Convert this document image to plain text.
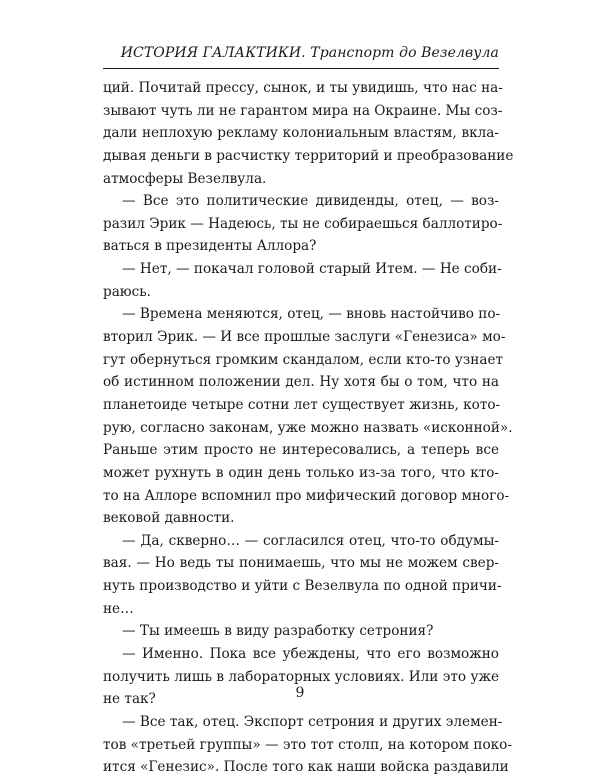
ИСТОРИЯ ГАЛАКТИКИ. Транспорт до Везелвула
ций. Почитай прессу, сынок, и ты увидишь, что нас на-
зывают чуть ли не гарантом мира на Окраине. Мы соз-
дали неплохую рекламу колониальным властям, вкла-
дывая деньги в расчистку территорий и преобразование
атмосферы Везелвула.
— Все это политические дивиденды, отец, — воз-
разил Эрик — Надеюсь, ты не собираешься баллотиро-
ваться в президенты Аллора?
— Нет, — покачал головой старый Итем. — Не соби-
раюсь.
— Времена меняются, отец, — вновь настойчиво по-
вторил Эрик. — И все прошлые заслуги «Генезиса» мо-
гут обернуться громким скандалом, если кто-то узнает
об истинном положении дел. Ну хотя бы о том, что на
планетоиде четыре сотни лет существует жизнь, кото-
рую, согласно законам, уже можно назвать «исконной».
Раньше этим просто не интересовались, а теперь все
может рухнуть в один день только из-за того, что кто-
то на Аллоре вспомнил про мифический договор много-
вековой давности.
— Да, скверно… — согласился отец, что-то обдумы-
вая. — Но ведь ты понимаешь, что мы не можем свер-
нуть производство и уйти с Везелвула по одной причи-
не…
— Ты имеешь в виду разработку сетрония?
— Именно. Пока все убеждены, что его возможно
получить лишь в лабораторных условиях. Или это уже
не так?
— Все так, отец. Экспорт сетрония и других элемен-
тов «третьей группы» — это тот столп, на котором поко-
ится «Генезис». После того как наши войска раздавили
9
